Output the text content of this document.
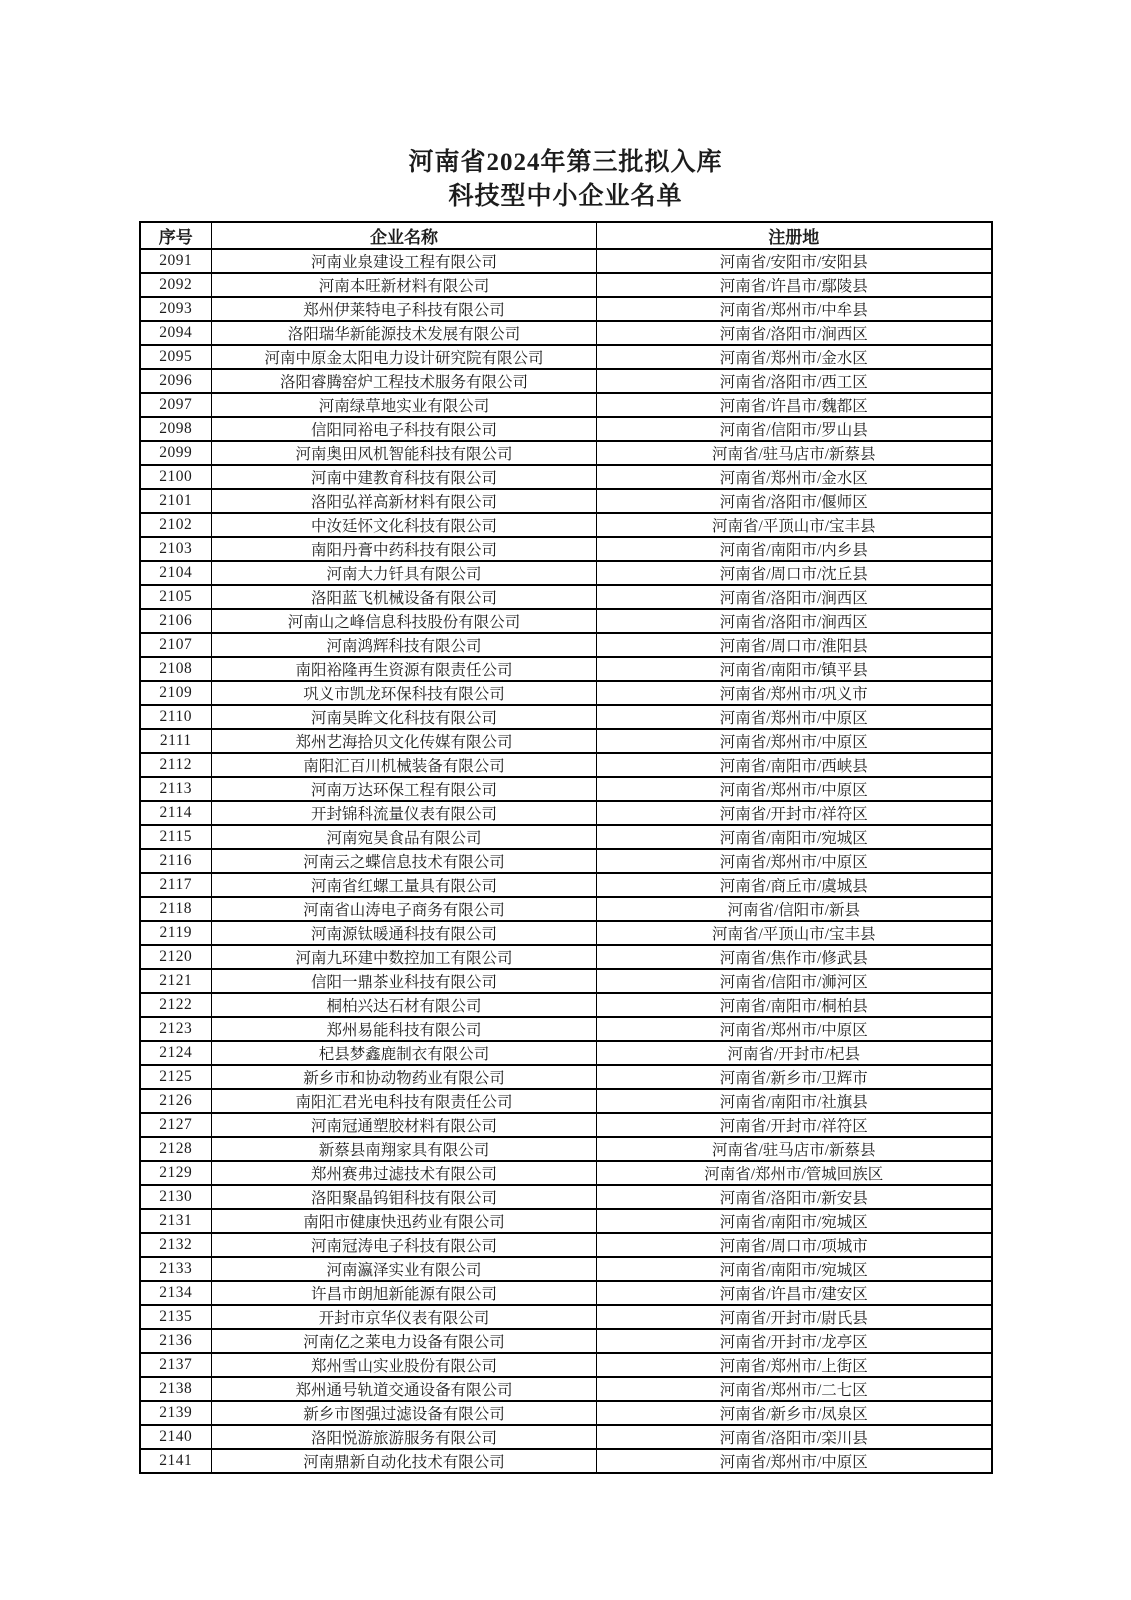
河南省2024年第三批拟入库
科技型中小企业名单
序号	企业名称	注册地
2091	河南业泉建设工程有限公司	河南省/安阳市/安阳县
2092	河南本旺新材料有限公司	河南省/许昌市/鄢陵县
2093	郑州伊莱特电子科技有限公司	河南省/郑州市/中牟县
2094	洛阳瑞华新能源技术发展有限公司	河南省/洛阳市/涧西区
2095	河南中原金太阳电力设计研究院有限公司	河南省/郑州市/金水区
2096	洛阳睿腾窑炉工程技术服务有限公司	河南省/洛阳市/西工区
2097	河南绿草地实业有限公司	河南省/许昌市/魏都区
2098	信阳同裕电子科技有限公司	河南省/信阳市/罗山县
2099	河南奥田风机智能科技有限公司	河南省/驻马店市/新蔡县
2100	河南中建教育科技有限公司	河南省/郑州市/金水区
2101	洛阳弘祥高新材料有限公司	河南省/洛阳市/偃师区
2102	中汝廷怀文化科技有限公司	河南省/平顶山市/宝丰县
2103	南阳丹膏中药科技有限公司	河南省/南阳市/内乡县
2104	河南大力钎具有限公司	河南省/周口市/沈丘县
2105	洛阳蓝飞机械设备有限公司	河南省/洛阳市/涧西区
2106	河南山之峰信息科技股份有限公司	河南省/洛阳市/涧西区
2107	河南鸿辉科技有限公司	河南省/周口市/淮阳县
2108	南阳裕隆再生资源有限责任公司	河南省/南阳市/镇平县
2109	巩义市凯龙环保科技有限公司	河南省/郑州市/巩义市
2110	河南昊眸文化科技有限公司	河南省/郑州市/中原区
2111	郑州艺海拾贝文化传媒有限公司	河南省/郑州市/中原区
2112	南阳汇百川机械装备有限公司	河南省/南阳市/西峡县
2113	河南万达环保工程有限公司	河南省/郑州市/中原区
2114	开封锦科流量仪表有限公司	河南省/开封市/祥符区
2115	河南宛昊食品有限公司	河南省/南阳市/宛城区
2116	河南云之蝶信息技术有限公司	河南省/郑州市/中原区
2117	河南省红螺工量具有限公司	河南省/商丘市/虞城县
2118	河南省山涛电子商务有限公司	河南省/信阳市/新县
2119	河南源钛暖通科技有限公司	河南省/平顶山市/宝丰县
2120	河南九环建中数控加工有限公司	河南省/焦作市/修武县
2121	信阳一鼎茶业科技有限公司	河南省/信阳市/浉河区
2122	桐柏兴达石材有限公司	河南省/南阳市/桐柏县
2123	郑州易能科技有限公司	河南省/郑州市/中原区
2124	杞县梦鑫鹿制衣有限公司	河南省/开封市/杞县
2125	新乡市和协动物药业有限公司	河南省/新乡市/卫辉市
2126	南阳汇君光电科技有限责任公司	河南省/南阳市/社旗县
2127	河南冠通塑胶材料有限公司	河南省/开封市/祥符区
2128	新蔡县南翔家具有限公司	河南省/驻马店市/新蔡县
2129	郑州赛弗过滤技术有限公司	河南省/郑州市/管城回族区
2130	洛阳聚晶钨钼科技有限公司	河南省/洛阳市/新安县
2131	南阳市健康快迅药业有限公司	河南省/南阳市/宛城区
2132	河南冠涛电子科技有限公司	河南省/周口市/项城市
2133	河南瀛泽实业有限公司	河南省/南阳市/宛城区
2134	许昌市朗旭新能源有限公司	河南省/许昌市/建安区
2135	开封市京华仪表有限公司	河南省/开封市/尉氏县
2136	河南亿之莱电力设备有限公司	河南省/开封市/龙亭区
2137	郑州雪山实业股份有限公司	河南省/郑州市/上街区
2138	郑州通号轨道交通设备有限公司	河南省/郑州市/二七区
2139	新乡市图强过滤设备有限公司	河南省/新乡市/凤泉区
2140	洛阳悦游旅游服务有限公司	河南省/洛阳市/栾川县
2141	河南鼎新自动化技术有限公司	河南省/郑州市/中原区
